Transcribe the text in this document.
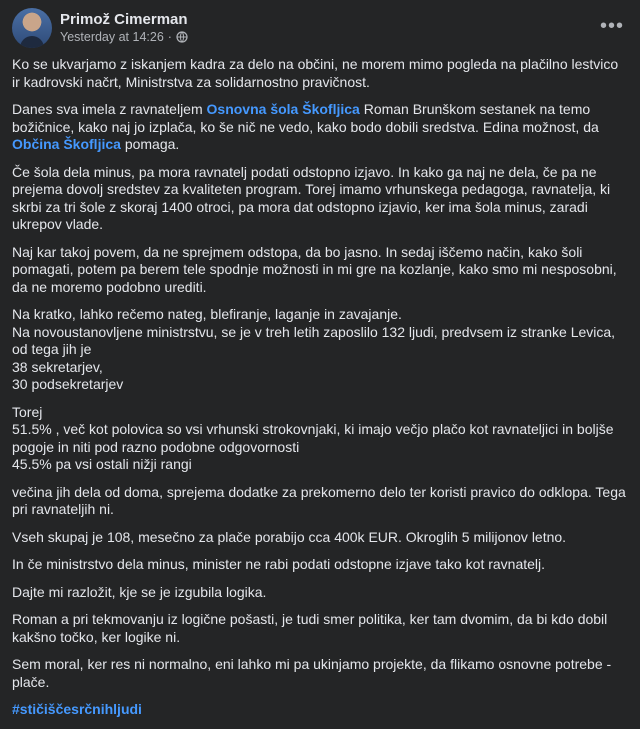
Primož Cimerman
Yesterday at 14:26 ·
•••

Ko se ukvarjamo z iskanjem kadra za delo na občini, ne morem mimo pogleda na plačilno lestvico ir kadrovski načrt, Ministrstva za solidarnostno pravičnost.

Danes sva imela z ravnateljem Osnovna šola Škofljica Roman Brunškom sestanek na temo božičnice, kako naj jo izplača, ko še nič ne vedo, kako bodo dobili sredstva. Edina možnost, da Občina Škofljica pomaga.

Če šola dela minus, pa mora ravnatelj podati odstopno izjavo. In kako ga naj ne dela, če pa ne prejema dovolj sredstev za kvaliteten program. Torej imamo vrhunskega pedagoga, ravnatelja, ki skrbi za tri šole z skoraj 1400 otroci, pa mora dat odstopno izjavio, ker ima šola minus, zaradi ukrepov vlade.

Naj kar takoj povem, da ne sprejmem odstopa, da bo jasno. In sedaj iščemo način, kako šoli pomagati, potem pa berem tele spodnje možnosti in mi gre na kozlanje, kako smo mi nesposobni, da ne moremo podobno urediti.

Na kratko, lahko rečemo nateg, blefiranje, laganje in zavajanje.
Na novoustanovljene ministrstvu, se je v treh letih zaposlilo 132 ljudi, predvsem iz stranke Levica,
od tega jih je
38 sekretarjev,
30 podsekretarjev

Torej
51.5% , več kot polovica so vsi vrhunski strokovnjaki, ki imajo večjo plačo kot ravnateljici in boljše pogoje in niti pod razno podobne odgovornosti
45.5% pa vsi ostali nižji rangi

večina jih dela od doma, sprejema dodatke za prekomerno delo ter koristi pravico do odklopa. Tega pri ravnateljih ni.

Vseh skupaj je 108, mesečno za plače porabijo cca 400k EUR. Okroglih 5 milijonov letno.

In če ministrstvo dela minus, minister ne rabi podati odstopne izjave tako kot ravnatelj.

Dajte mi razložit, kje se je izgubila logika.

Roman a pri tekmovanju iz logične pošasti, je tudi smer politika, ker tam dvomim, da bi kdo dobil kakšno točko, ker logike ni.

Sem moral, ker res ni normalno, eni lahko mi pa ukinjamo projekte, da flikamo osnovne potrebe - plače.

#stičiščesrčnihljudi
